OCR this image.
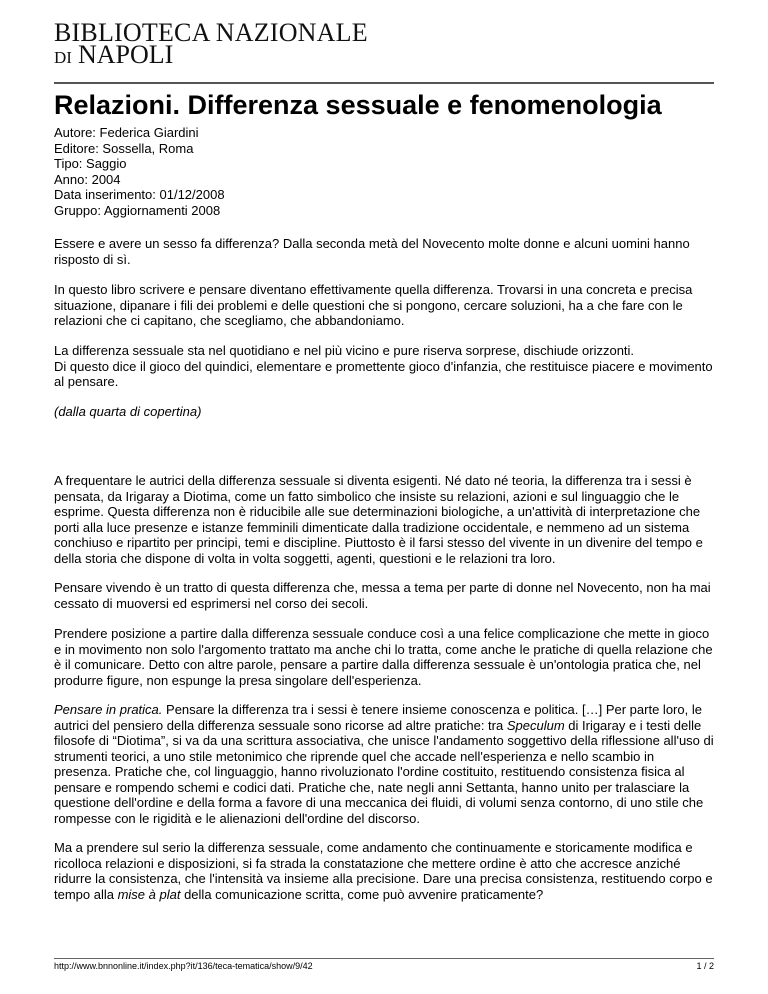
BIBLIOTECA NAZIONALE
DI NAPOLI
Relazioni. Differenza sessuale e fenomenologia
Autore: Federica Giardini
Editore: Sossella, Roma
Tipo: Saggio
Anno: 2004
Data inserimento: 01/12/2008
Gruppo: Aggiornamenti 2008

Essere e avere un sesso fa differenza? Dalla seconda metà del Novecento molte donne e alcuni uomini hanno risposto di sì.

In questo libro scrivere e pensare diventano effettivamente quella differenza. Trovarsi in una concreta e precisa situazione, dipanare i fili dei problemi e delle questioni che si pongono, cercare soluzioni, ha a che fare con le relazioni che ci capitano, che scegliamo, che abbandoniamo.

La differenza sessuale sta nel quotidiano e nel più vicino e pure riserva sorprese, dischiude orizzonti.
Di questo dice il gioco del quindici, elementare e promettente gioco d'infanzia, che restituisce piacere e movimento al pensare.

(dalla quarta di copertina)

A frequentare le autrici della differenza sessuale si diventa esigenti. Né dato né teoria, la differenza tra i sessi è pensata, da Irigaray a Diotima, come un fatto simbolico che insiste su relazioni, azioni e sul linguaggio che le esprime. Questa differenza non è riducibile alle sue determinazioni biologiche, a un'attività di interpretazione che porti alla luce presenze e istanze femminili dimenticate dalla tradizione occidentale, e nemmeno ad un sistema conchiuso e ripartito per principi, temi e discipline. Piuttosto è il farsi stesso del vivente in un divenire del tempo e della storia che dispone di volta in volta soggetti, agenti, questioni e le relazioni tra loro.

Pensare vivendo è un tratto di questa differenza che, messa a tema per parte di donne nel Novecento, non ha mai cessato di muoversi ed esprimersi nel corso dei secoli.

Prendere posizione a partire dalla differenza sessuale conduce così a una felice complicazione che mette in gioco e in movimento non solo l'argomento trattato ma anche chi lo tratta, come anche le pratiche di quella relazione che è il comunicare. Detto con altre parole, pensare a partire dalla differenza sessuale è un'ontologia pratica che, nel produrre figure, non espunge la presa singolare dell'esperienza.

Pensare in pratica. Pensare la differenza tra i sessi è tenere insieme conoscenza e politica. […] Per parte loro, le autrici del pensiero della differenza sessuale sono ricorse ad altre pratiche: tra Speculum di Irigaray e i testi delle filosofe di “Diotima”, si va da una scrittura associativa, che unisce l'andamento soggettivo della riflessione all'uso di strumenti teorici, a uno stile metonimico che riprende quel che accade nell'esperienza e nello scambio in presenza. Pratiche che, col linguaggio, hanno rivoluzionato l'ordine costituito, restituendo consistenza fisica al pensare e rompendo schemi e codici dati. Pratiche che, nate negli anni Settanta, hanno unito per tralasciare la questione dell'ordine e della forma a favore di una meccanica dei fluidi, di volumi senza contorno, di uno stile che rompesse con le rigidità e le alienazioni dell'ordine del discorso.

Ma a prendere sul serio la differenza sessuale, come andamento che continuamente e storicamente modifica e ricolloca relazioni e disposizioni, si fa strada la constatazione che mettere ordine è atto che accresce anziché ridurre la consistenza, che l'intensità va insieme alla precisione. Dare una precisa consistenza, restituendo corpo e tempo alla mise à plat della comunicazione scritta, come può avvenire praticamente?

http://www.bnnonline.it/index.php?it/136/teca-tematica/show/9/42	1 / 2
